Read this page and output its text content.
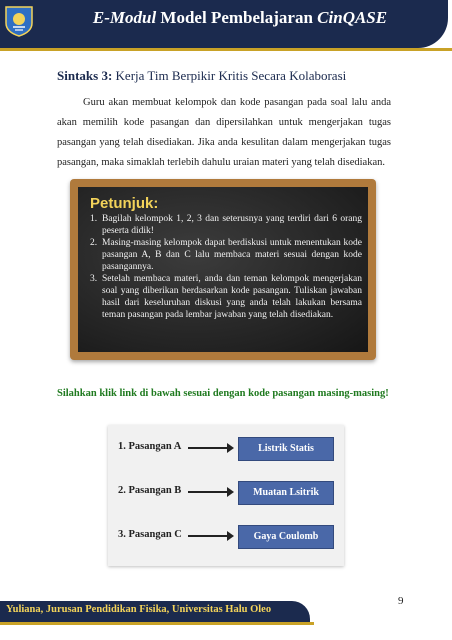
E-Modul Model Pembelajaran CinQASE
Sintaks 3: Kerja Tim Berpikir Kritis Secara Kolaborasi
Guru akan membuat kelompok dan kode pasangan pada soal lalu anda akan memilih kode pasangan dan dipersilahkan untuk mengerjakan tugas pasangan yang telah disediakan. Jika anda kesulitan dalam mengerjakan tugas pasangan, maka simaklah terlebih dahulu uraian materi yang telah disediakan.
Petunjuk:
1. Bagilah kelompok 1, 2, 3 dan seterusnya yang terdiri dari 6 orang peserta didik!
2. Masing-masing kelompok dapat berdiskusi untuk menentukan kode pasangan A, B dan C lalu membaca materi sesuai dengan kode pasangannya.
3. Setelah membaca materi, anda dan teman kelompok mengerjakan soal yang diberikan berdasarkan kode pasangan. Tuliskan jawaban hasil dari keseluruhan diskusi yang anda telah lakukan bersama teman pasangan pada lembar jawaban yang telah disediakan.
Silahkan klik link di bawah sesuai dengan kode pasangan masing-masing!
1. Pasangan A	Listrik Statis
2. Pasangan B	Muatan Lsitrik
3. Pasangan C	Gaya Coulomb
9
Yuliana, Jurusan Pendidikan Fisika, Universitas Halu Oleo
